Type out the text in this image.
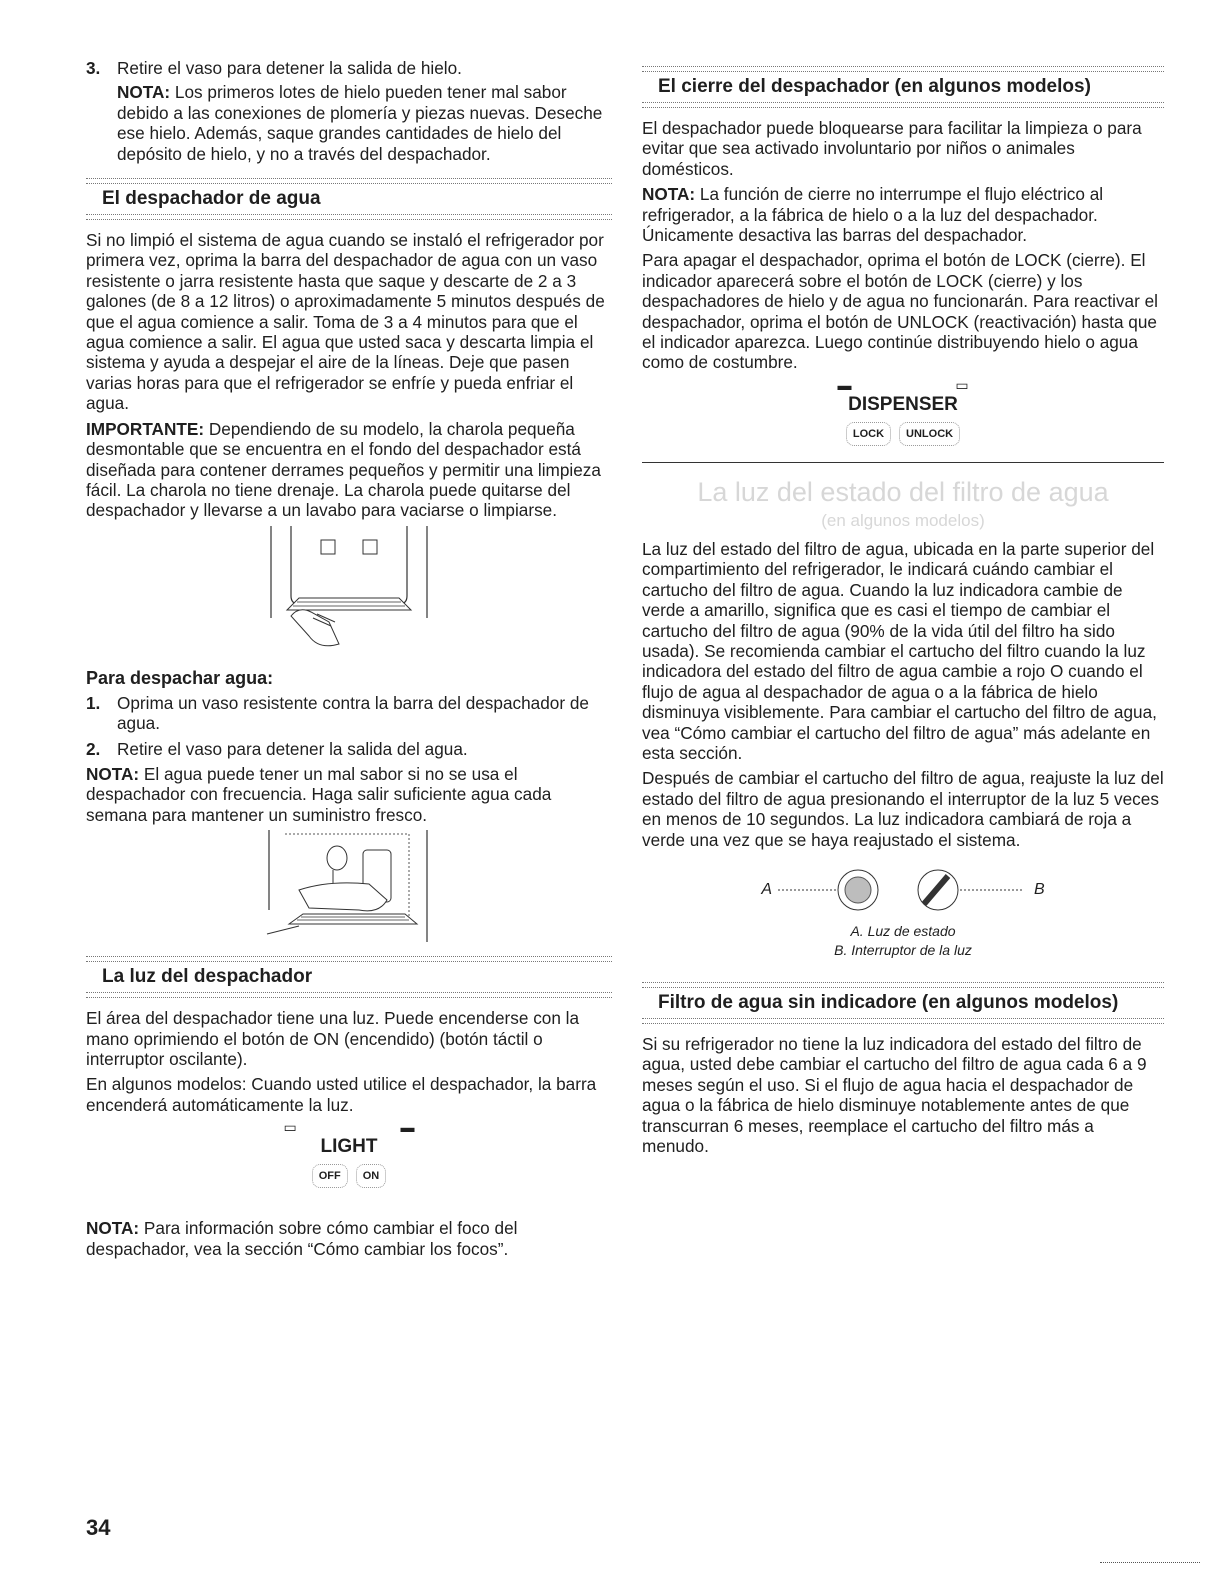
3. Retire el vaso para detener la salida de hielo.

NOTA: Los primeros lotes de hielo pueden tener mal sabor debido a las conexiones de plomería y piezas nuevas. Deseche ese hielo. Además, saque grandes cantidades de hielo del depósito de hielo, y no a través del despachador.

El despachador de agua

Si no limpió el sistema de agua cuando se instaló el refrigerador por primera vez, oprima la barra del despachador de agua con un vaso resistente o jarra resistente hasta que saque y descarte de 2 a 3 galones (de 8 a 12 litros) o aproximadamente 5 minutos después de que el agua comience a salir. Toma de 3 a 4 minutos para que el agua comience a salir. El agua que usted saca y descarta limpia el sistema y ayuda a despejar el aire de la líneas. Deje que pasen varias horas para que el refrigerador se enfríe y pueda enfriar el agua.

IMPORTANTE: Dependiendo de su modelo, la charola pequeña desmontable que se encuentra en el fondo del despachador está diseñada para contener derrames pequeños y permitir una limpieza fácil. La charola no tiene drenaje. La charola puede quitarse del despachador y llevarse a un lavabo para vaciarse o limpiarse.

Para despachar agua:
1. Oprima un vaso resistente contra la barra del despachador de agua.
2. Retire el vaso para detener la salida del agua.

NOTA: El agua puede tener un mal sabor si no se usa el despachador con frecuencia. Haga salir suficiente agua cada semana para mantener un suministro fresco.

La luz del despachador

El área del despachador tiene una luz. Puede encenderse con la mano oprimiendo el botón de ON (encendido) (botón táctil o interruptor oscilante).

En algunos modelos: Cuando usted utilice el despachador, la barra encenderá automáticamente la luz.

▭ ▬
LIGHT
OFF	ON

NOTA: Para información sobre cómo cambiar el foco del despachador, vea la sección “Cómo cambiar los focos”.

El cierre del despachador (en algunos modelos)

El despachador puede bloquearse para facilitar la limpieza o para evitar que sea activado involuntario por niños o animales domésticos.

NOTA: La función de cierre no interrumpe el flujo eléctrico al refrigerador, a la fábrica de hielo o a la luz del despachador. Únicamente desactiva las barras del despachador.

Para apagar el despachador, oprima el botón de LOCK (cierre). El indicador aparecerá sobre el botón de LOCK (cierre) y los despachadores de hielo y de agua no funcionarán. Para reactivar el despachador, oprima el botón de UNLOCK (reactivación) hasta que el indicador aparezca. Luego continúe distribuyendo hielo o agua como de costumbre.

▬ ▭
DISPENSER
LOCK	UNLOCK
La luz del estado del filtro de agua
(en algunos modelos)

La luz del estado del filtro de agua, ubicada en la parte superior del compartimiento del refrigerador, le indicará cuándo cambiar el cartucho del filtro de agua. Cuando la luz indicadora cambie de verde a amarillo, significa que es casi el tiempo de cambiar el cartucho del filtro de agua (90% de la vida útil del filtro ha sido usada). Se recomienda cambiar el cartucho del filtro cuando la luz indicadora del estado del filtro de agua cambie a rojo O cuando el flujo de agua al despachador de agua o a la fábrica de hielo disminuya visiblemente. Para cambiar el cartucho del filtro de agua, vea “Cómo cambiar el cartucho del filtro de agua” más adelante en esta sección.

Después de cambiar el cartucho del filtro de agua, reajuste la luz del estado del filtro de agua presionando el interruptor de la luz 5 veces en menos de 10 segundos. La luz indicadora cambiará de roja a verde una vez que se haya reajustado el sistema.

A	B
A. Luz de estado
B. Interruptor de la luz
Filtro de agua sin indicadore (en algunos modelos)

Si su refrigerador no tiene la luz indicadora del estado del filtro de agua, usted debe cambiar el cartucho del filtro de agua cada 6 a 9 meses según el uso. Si el flujo de agua hacia el despachador de agua o la fábrica de hielo disminuye notablemente antes de que transcurran 6 meses, reemplace el cartucho del filtro más a menudo.

34
